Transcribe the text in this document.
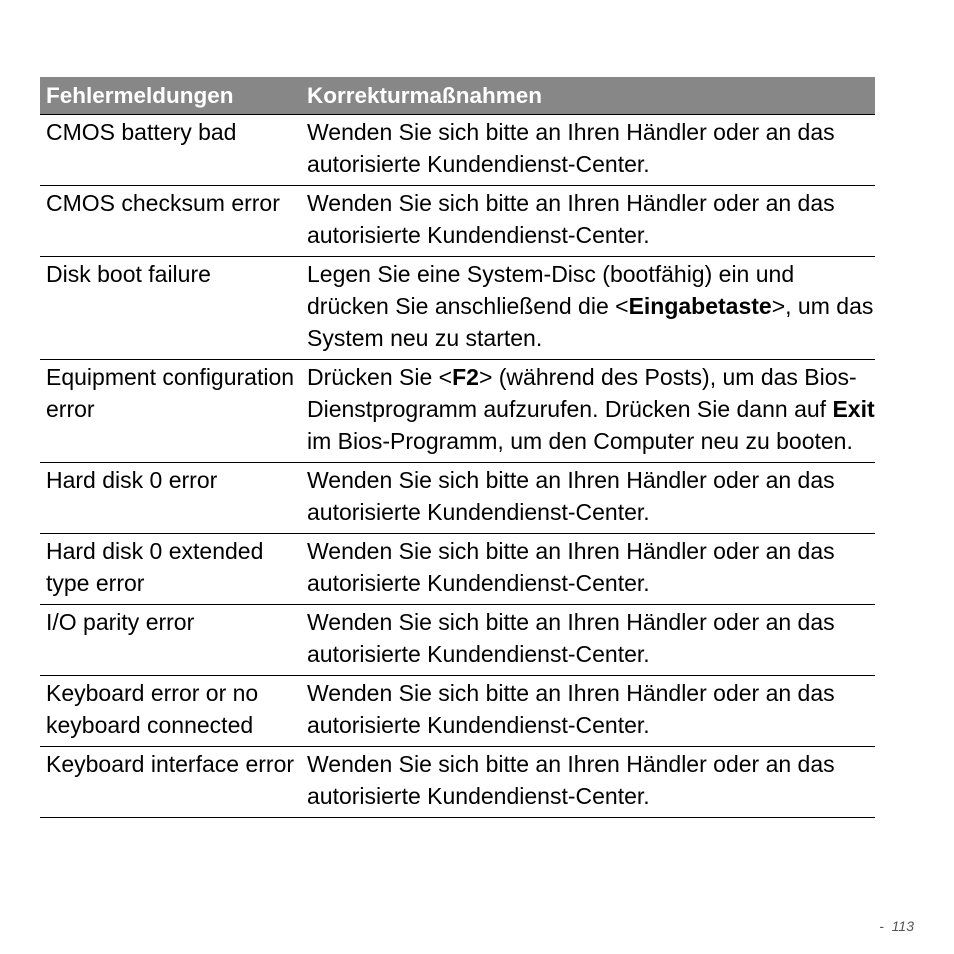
Fehlermeldungen	Korrekturmaßnahmen
CMOS battery bad	Wenden Sie sich bitte an Ihren Händler oder an das autorisierte Kundendienst-Center.
CMOS checksum error	Wenden Sie sich bitte an Ihren Händler oder an das autorisierte Kundendienst-Center.
Disk boot failure	Legen Sie eine System-Disc (bootfähig) ein und drücken Sie anschließend die <Eingabetaste>, um das System neu zu starten.
Equipment configuration error	Drücken Sie <F2> (während des Posts), um das Bios-Dienstprogramm aufzurufen. Drücken Sie dann auf Exit im Bios-Programm, um den Computer neu zu booten.
Hard disk 0 error	Wenden Sie sich bitte an Ihren Händler oder an das autorisierte Kundendienst-Center.
Hard disk 0 extended type error	Wenden Sie sich bitte an Ihren Händler oder an das autorisierte Kundendienst-Center.
I/O parity error	Wenden Sie sich bitte an Ihren Händler oder an das autorisierte Kundendienst-Center.
Keyboard error or no keyboard connected	Wenden Sie sich bitte an Ihren Händler oder an das autorisierte Kundendienst-Center.
Keyboard interface error	Wenden Sie sich bitte an Ihren Händler oder an das autorisierte Kundendienst-Center.
-  113
